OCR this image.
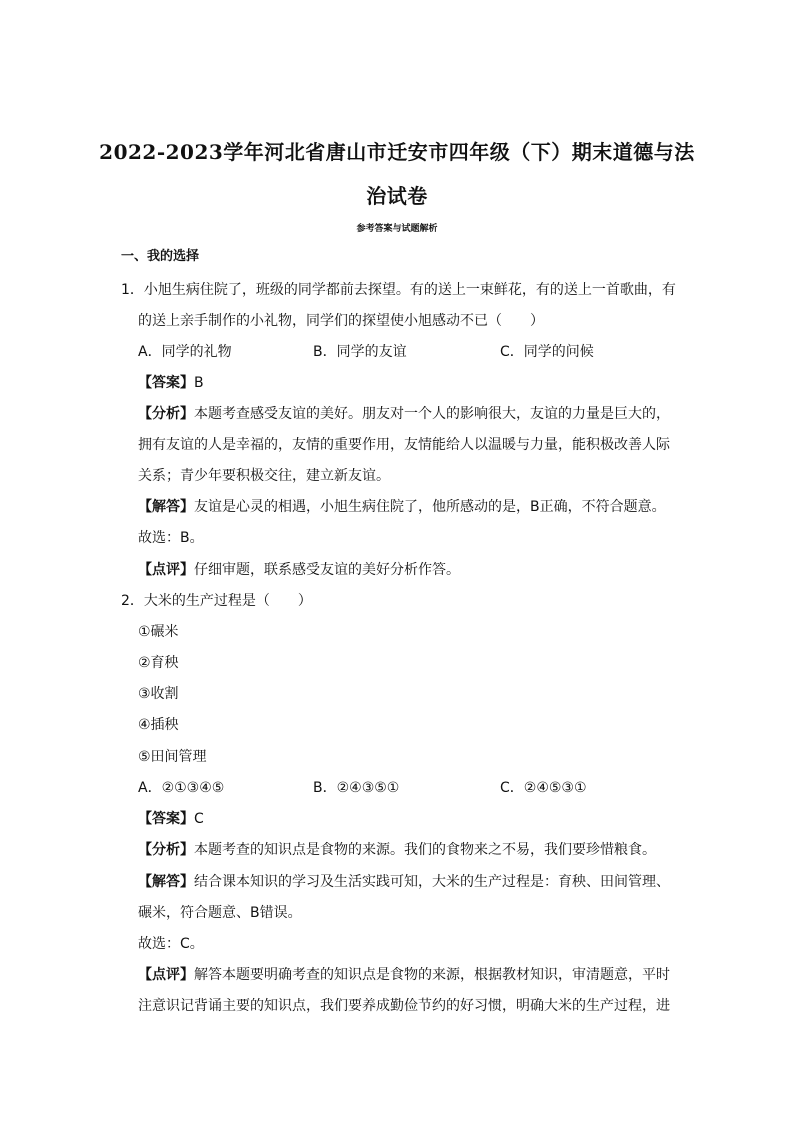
2022-2023学年河北省唐山市迁安市四年级（下）期末道德与法
治试卷
参考答案与试题解析
一、我的选择
1．小旭生病住院了，班级的同学都前去探望。有的送上一束鲜花，有的送上一首歌曲，有
的送上亲手制作的小礼物，同学们的探望使小旭感动不已（　　）
A．同学的礼物	B．同学的友谊	C．同学的问候
【答案】B
【分析】本题考查感受友谊的美好。朋友对一个人的影响很大，友谊的力量是巨大的，
拥有友谊的人是幸福的，友情的重要作用，友情能给人以温暖与力量，能积极改善人际
关系；青少年要积极交往，建立新友谊。
【解答】友谊是心灵的相遇，小旭生病住院了，他所感动的是，B正确，不符合题意。
故选：B。
【点评】仔细审题，联系感受友谊的美好分析作答。
2．大米的生产过程是（　　）
①碾米
②育秧
③收割
④插秧
⑤田间管理
A．②①③④⑤	B．②④③⑤①	C．②④⑤③①
【答案】C
【分析】本题考查的知识点是食物的来源。我们的食物来之不易，我们要珍惜粮食。
【解答】结合课本知识的学习及生活实践可知，大米的生产过程是：育秧、田间管理、
碾米，符合题意、B错误。
故选：C。
【点评】解答本题要明确考查的知识点是食物的来源，根据教材知识，审清题意，平时
注意识记背诵主要的知识点，我们要养成勤俭节约的好习惯，明确大米的生产过程，进
